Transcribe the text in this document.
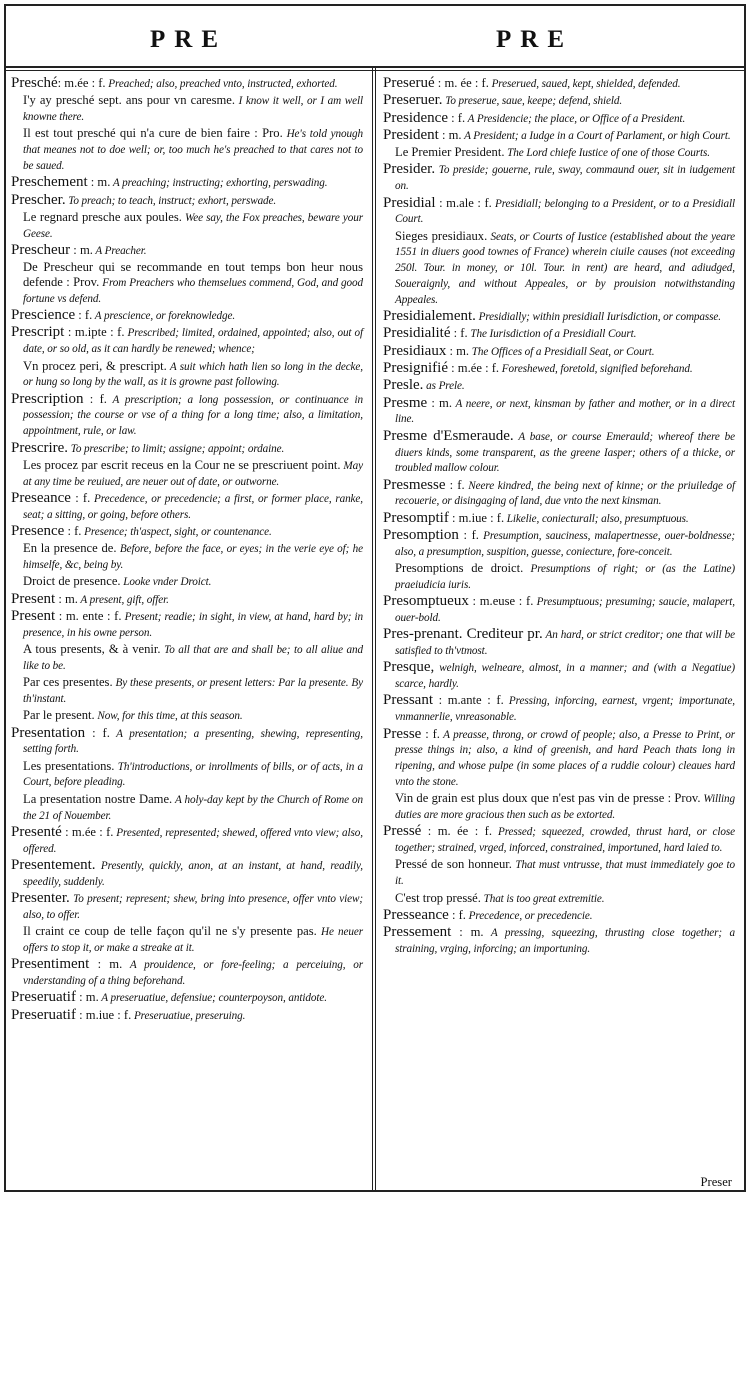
PRE	PRE

Presché: m.ée : f. Preached; also, preached vnto, instructed, exhorted.

I'y ay presché sept. ans pour vn caresme. I know it well, or I am well knowne there.

Il est tout presché qui n'a cure de bien faire : Pro. He's told ynough that meanes not to doe well; or, too much he's preached to that cares not to be saued.

Preschement : m. A preaching; instructing; exhorting, perswading.

Prescher. To preach; to teach, instruct; exhort, perswade.

Le regnard presche aux poules. Wee say, the Fox preaches, beware your Geese.

Prescheur : m. A Preacher.

De Prescheur qui se recommande en tout temps bon heur nous defende : Prov. From Preachers who themselues commend, God, and good fortune vs defend.

Prescience : f. A prescience, or foreknowledge.

Prescript : m.ipte : f. Prescribed; limited, ordained, appointed; also, out of date, or so old, as it can hardly be renewed; whence;

Vn procez peri, & prescript. A suit which hath lien so long in the decke, or hung so long by the wall, as it is growne past following.

Prescription : f. A prescription; a long possession, or continuance in possession; the course or vse of a thing for a long time; also, a limitation, appointment, rule, or law.

Prescrire. To prescribe; to limit; assigne; appoint; ordaine.

Les procez par escrit receus en la Cour ne se prescriuent point. May at any time be reuiued, are neuer out of date, or outworne.

Preseance : f. Precedence, or precedencie; a first, or former place, ranke, seat; a sitting, or going, before others.

Presence : f. Presence; th'aspect, sight, or countenance.

En la presence de. Before, before the face, or eyes; in the verie eye of; he himselfe, &c, being by.

Droict de presence. Looke vnder Droict.

Present : m. A present, gift, offer.

Present : m. ente : f. Present; readie; in sight, in view, at hand, hard by; in presence, in his owne person.

A tous presents, & à venir. To all that are and shall be; to all aliue and like to be.

Par ces presentes. By these presents, or present letters: Par la presente. By th'instant.

Par le present. Now, for this time, at this season.

Presentation : f. A presentation; a presenting, shewing, representing, setting forth.

Les presentations. Th'introductions, or inrollments of bills, or of acts, in a Court, before pleading.

La presentation nostre Dame. A holy-day kept by the Church of Rome on the 21 of Nouember.

Presenté : m.ée : f. Presented, represented; shewed, offered vnto view; also, offered.

Presentement. Presently, quickly, anon, at an instant, at hand, readily, speedily, suddenly.

Presenter. To present; represent; shew, bring into presence, offer vnto view; also, to offer.

Il craint ce coup de telle façon qu'il ne s'y presente pas. He neuer offers to stop it, or make a streake at it.

Presentiment : m. A prouidence, or fore-feeling; a perceiuing, or vnderstanding of a thing beforehand.

Preseruatif : m. A preseruatiue, defensiue; counterpoyson, antidote.

Preseruatif : m.iue : f. Preseruatiue, preseruing.

Preserué : m. ée : f. Preserued, saued, kept, shielded, defended.

Preseruer. To preserue, saue, keepe; defend, shield.

Presidence : f. A Presidencie; the place, or Office of a President.

President : m. A President; a Iudge in a Court of Parlament, or high Court.

Le Premier President. The Lord chiefe Iustice of one of those Courts.

Presider. To preside; gouerne, rule, sway, commaund ouer, sit in iudgement on.

Presidial : m.ale : f. Presidiall; belonging to a President, or to a Presidiall Court.

Sieges presidiaux. Seats, or Courts of Iustice (established about the yeare 1551 in diuers good townes of France) wherein ciuile causes (not exceeding 250l. Tour. in money, or 10l. Tour. in rent) are heard, and adiudged, Soueraignly, and without Appeales, or by prouision notwithstanding Appeales.

Presidialement. Presidially; within presidiall Iurisdiction, or compasse.

Presidialité : f. The Iurisdiction of a Presidiall Court.

Presidiaux : m. The Offices of a Presidiall Seat, or Court.

Presignifié : m.ée : f. Foreshewed, foretold, signified beforehand.

Presle. as Prele.

Presme : m. A neere, or next, kinsman by father and mother, or in a direct line.

Presme d'Esmeraude. A base, or course Emerauld; whereof there be diuers kinds, some transparent, as the greene Iasper; others of a thicke, or troubled mallow colour.

Presmesse : f. Neere kindred, the being next of kinne; or the priuiledge of recouerie, or disingaging of land, due vnto the next kinsman.

Presomptif : m.iue : f. Likelie, coniecturall; also, presumptuous.

Presomption : f. Presumption, sauciness, malapertnesse, ouer-boldnesse; also, a presumption, suspition, guesse, coniecture, fore-conceit.

Presomptions de droict. Presumptions of right; or (as the Latine) praeiudicia iuris.

Presomptueux : m.euse : f. Presumptuous; presuming; saucie, malapert, ouer-bold.

Pres-prenant. Crediteur pr. An hard, or strict creditor; one that will be satisfied to th'vtmost.

Presque, welnigh, welneare, almost, in a manner; and (with a Negatiue) scarce, hardly.

Pressant : m.ante : f. Pressing, inforcing, earnest, vrgent; importunate, vnmannerlie, vnreasonable.

Presse : f. A preasse, throng, or crowd of people; also, a Presse to Print, or presse things in; also, a kind of greenish, and hard Peach thats long in ripening, and whose pulpe (in some places of a ruddie colour) cleaues hard vnto the stone.

Vin de grain est plus doux que n'est pas vin de presse : Prov. Willing duties are more gracious then such as be extorted.

Pressé : m. ée : f. Pressed; squeezed, crowded, thrust hard, or close together; strained, vrged, inforced, constrained, importuned, hard laied to.

Pressé de son honneur. That must vntrusse, that must immediately goe to it.

C'est trop pressé. That is too great extremitie.

Presseance : f. Precedence, or precedencie.

Pressement : m. A pressing, squeezing, thrusting close together; a straining, vrging, inforcing; an importuning.

Preser
